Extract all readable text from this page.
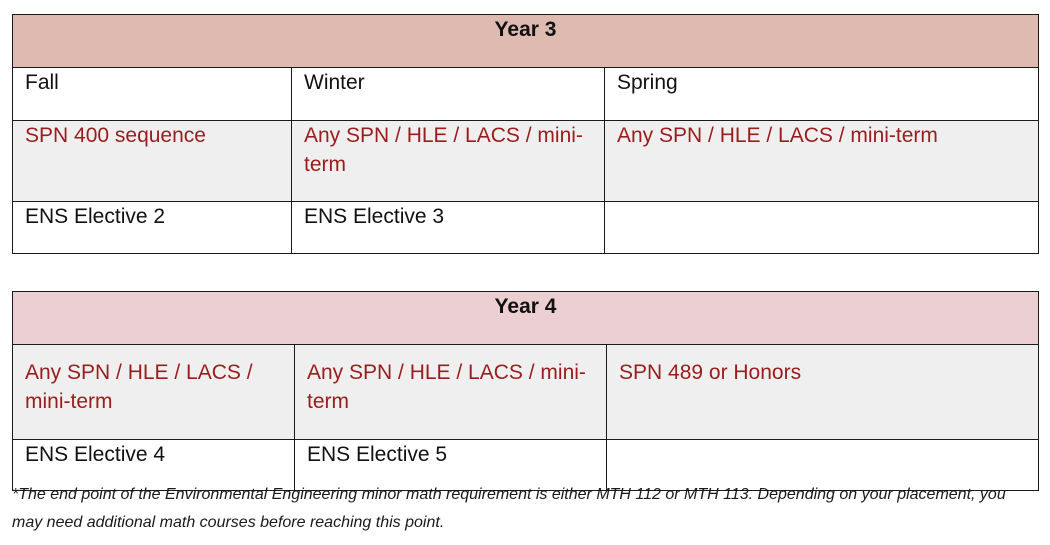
Year 3		
Fall	Winter	Spring
SPN 400 sequence	Any SPN / HLE / LACS / mini-term	Any SPN / HLE / LACS / mini-term
ENS Elective 2	ENS Elective 3	
Year 4		
Any SPN / HLE / LACS / mini-term	Any SPN / HLE / LACS / mini-term	SPN 489 or Honors
ENS Elective 4	ENS Elective 5	

*The end point of the Environmental Engineering minor math requirement is either MTH 112 or MTH 113. Depending on your placement, you may need additional math courses before reaching this point.
